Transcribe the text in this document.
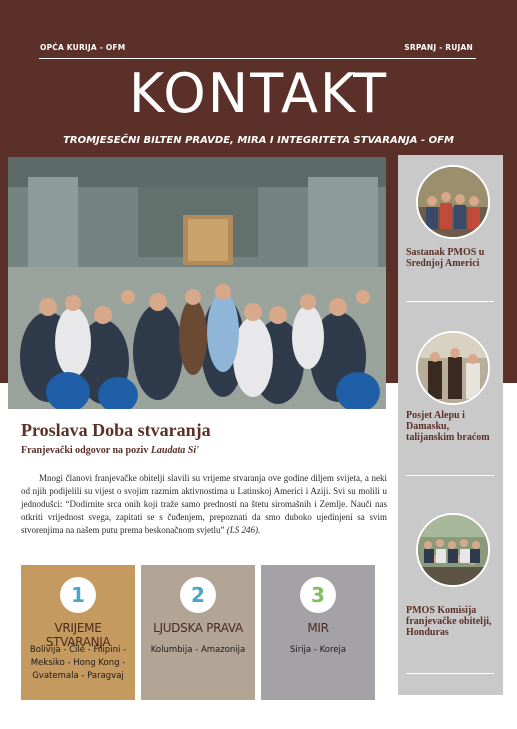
OPĆA KURIJA - OFM	SRPANJ - RUJAN
KONTAKT
TROMJESEČNI BILTEN PRAVDE, MIRA I INTEGRITETA STVARANJA - OFM
Sastanak PMOS u Srednjoj Americi
Posjet Alepu i Damasku, talijanskim braćom
PMOS Komisija franjevačke obitelji, Honduras
Proslava Doba stvaranja
Franjevački odgovor na poziv Laudata Si'
Mnogi članovi franjevačke obitelji slavili su vrijeme stvaranja ove godine diljem svijeta, a neki od njih podijelili su vijest o svojim razmim aktivnostima u Latinskoj Americi i Aziji. Svi su molili u jednodušci: “Dodirnite srca onih koji traže samo prednosti na štetu siromašnih i Zemlje. Nauči nas otkriti vrijednost svega, zapitati se s čuđenjem, prepoznati da smo duboko ujedinjeni sa svim stvorenjima na našem putu prema beskonačnom svjetlu” (LS 246).
1
VRIJEME STVARANJA
Bolivija - Čile - Filipini - Meksiko - Hong Kong - Gvatemala - Paragvaj
2
LJUDSKA PRAVA
Kolumbija - Amazonija
3
MIR
Sirija - Koreja
